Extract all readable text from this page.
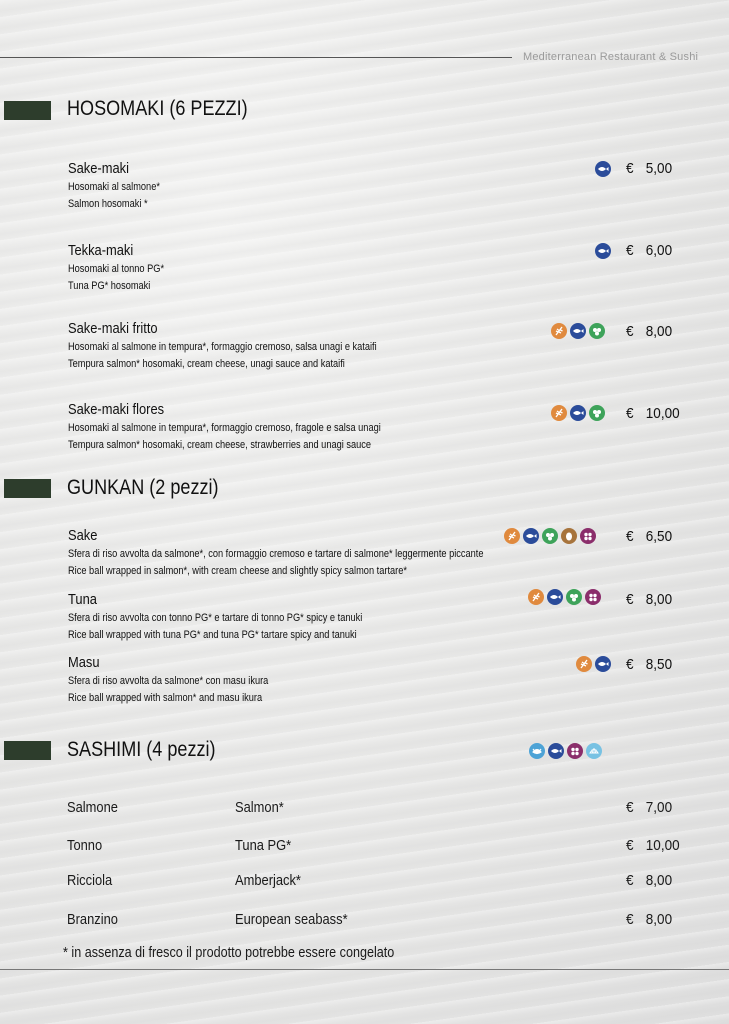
Mediterranean Restaurant & Sushi
HOSOMAKI (6 PEZZI)
Sake-maki
Hosomaki al salmone*
Salmon hosomaki *
€ 5,00
Tekka-maki
Hosomaki al tonno PG*
Tuna PG* hosomaki
€ 6,00
Sake-maki fritto
Hosomaki al salmone in tempura*, formaggio cremoso, salsa unagi e kataifi
Tempura salmon* hosomaki, cream cheese, unagi sauce and kataifi
€ 8,00
Sake-maki flores
Hosomaki al salmone in tempura*, formaggio cremoso, fragole e salsa unagi
Tempura salmon* hosomaki, cream cheese, strawberries and unagi sauce
€ 10,00
GUNKAN (2 pezzi)
Sake
Sfera di riso avvolta da salmone*, con formaggio cremoso e tartare di salmone* leggermente piccante
Rice ball wrapped in salmon*, with cream cheese and slightly spicy salmon tartare*
€ 6,50
Tuna
Sfera di riso avvolta con tonno PG* e tartare di tonno PG* spicy e tanuki
Rice ball wrapped with tuna PG* and tuna PG* tartare spicy and tanuki
€ 8,00
Masu
Sfera di riso avvolta da salmone* con masu ikura
Rice ball wrapped with salmon* and masu ikura
€ 8,50
SASHIMI (4 pezzi)
Salmone	Salmon*	€ 7,00
Tonno	Tuna PG*	€ 10,00
Ricciola	Amberjack*	€ 8,00
Branzino	European seabass*	€ 8,00
* in assenza di fresco il prodotto potrebbe essere congelato
